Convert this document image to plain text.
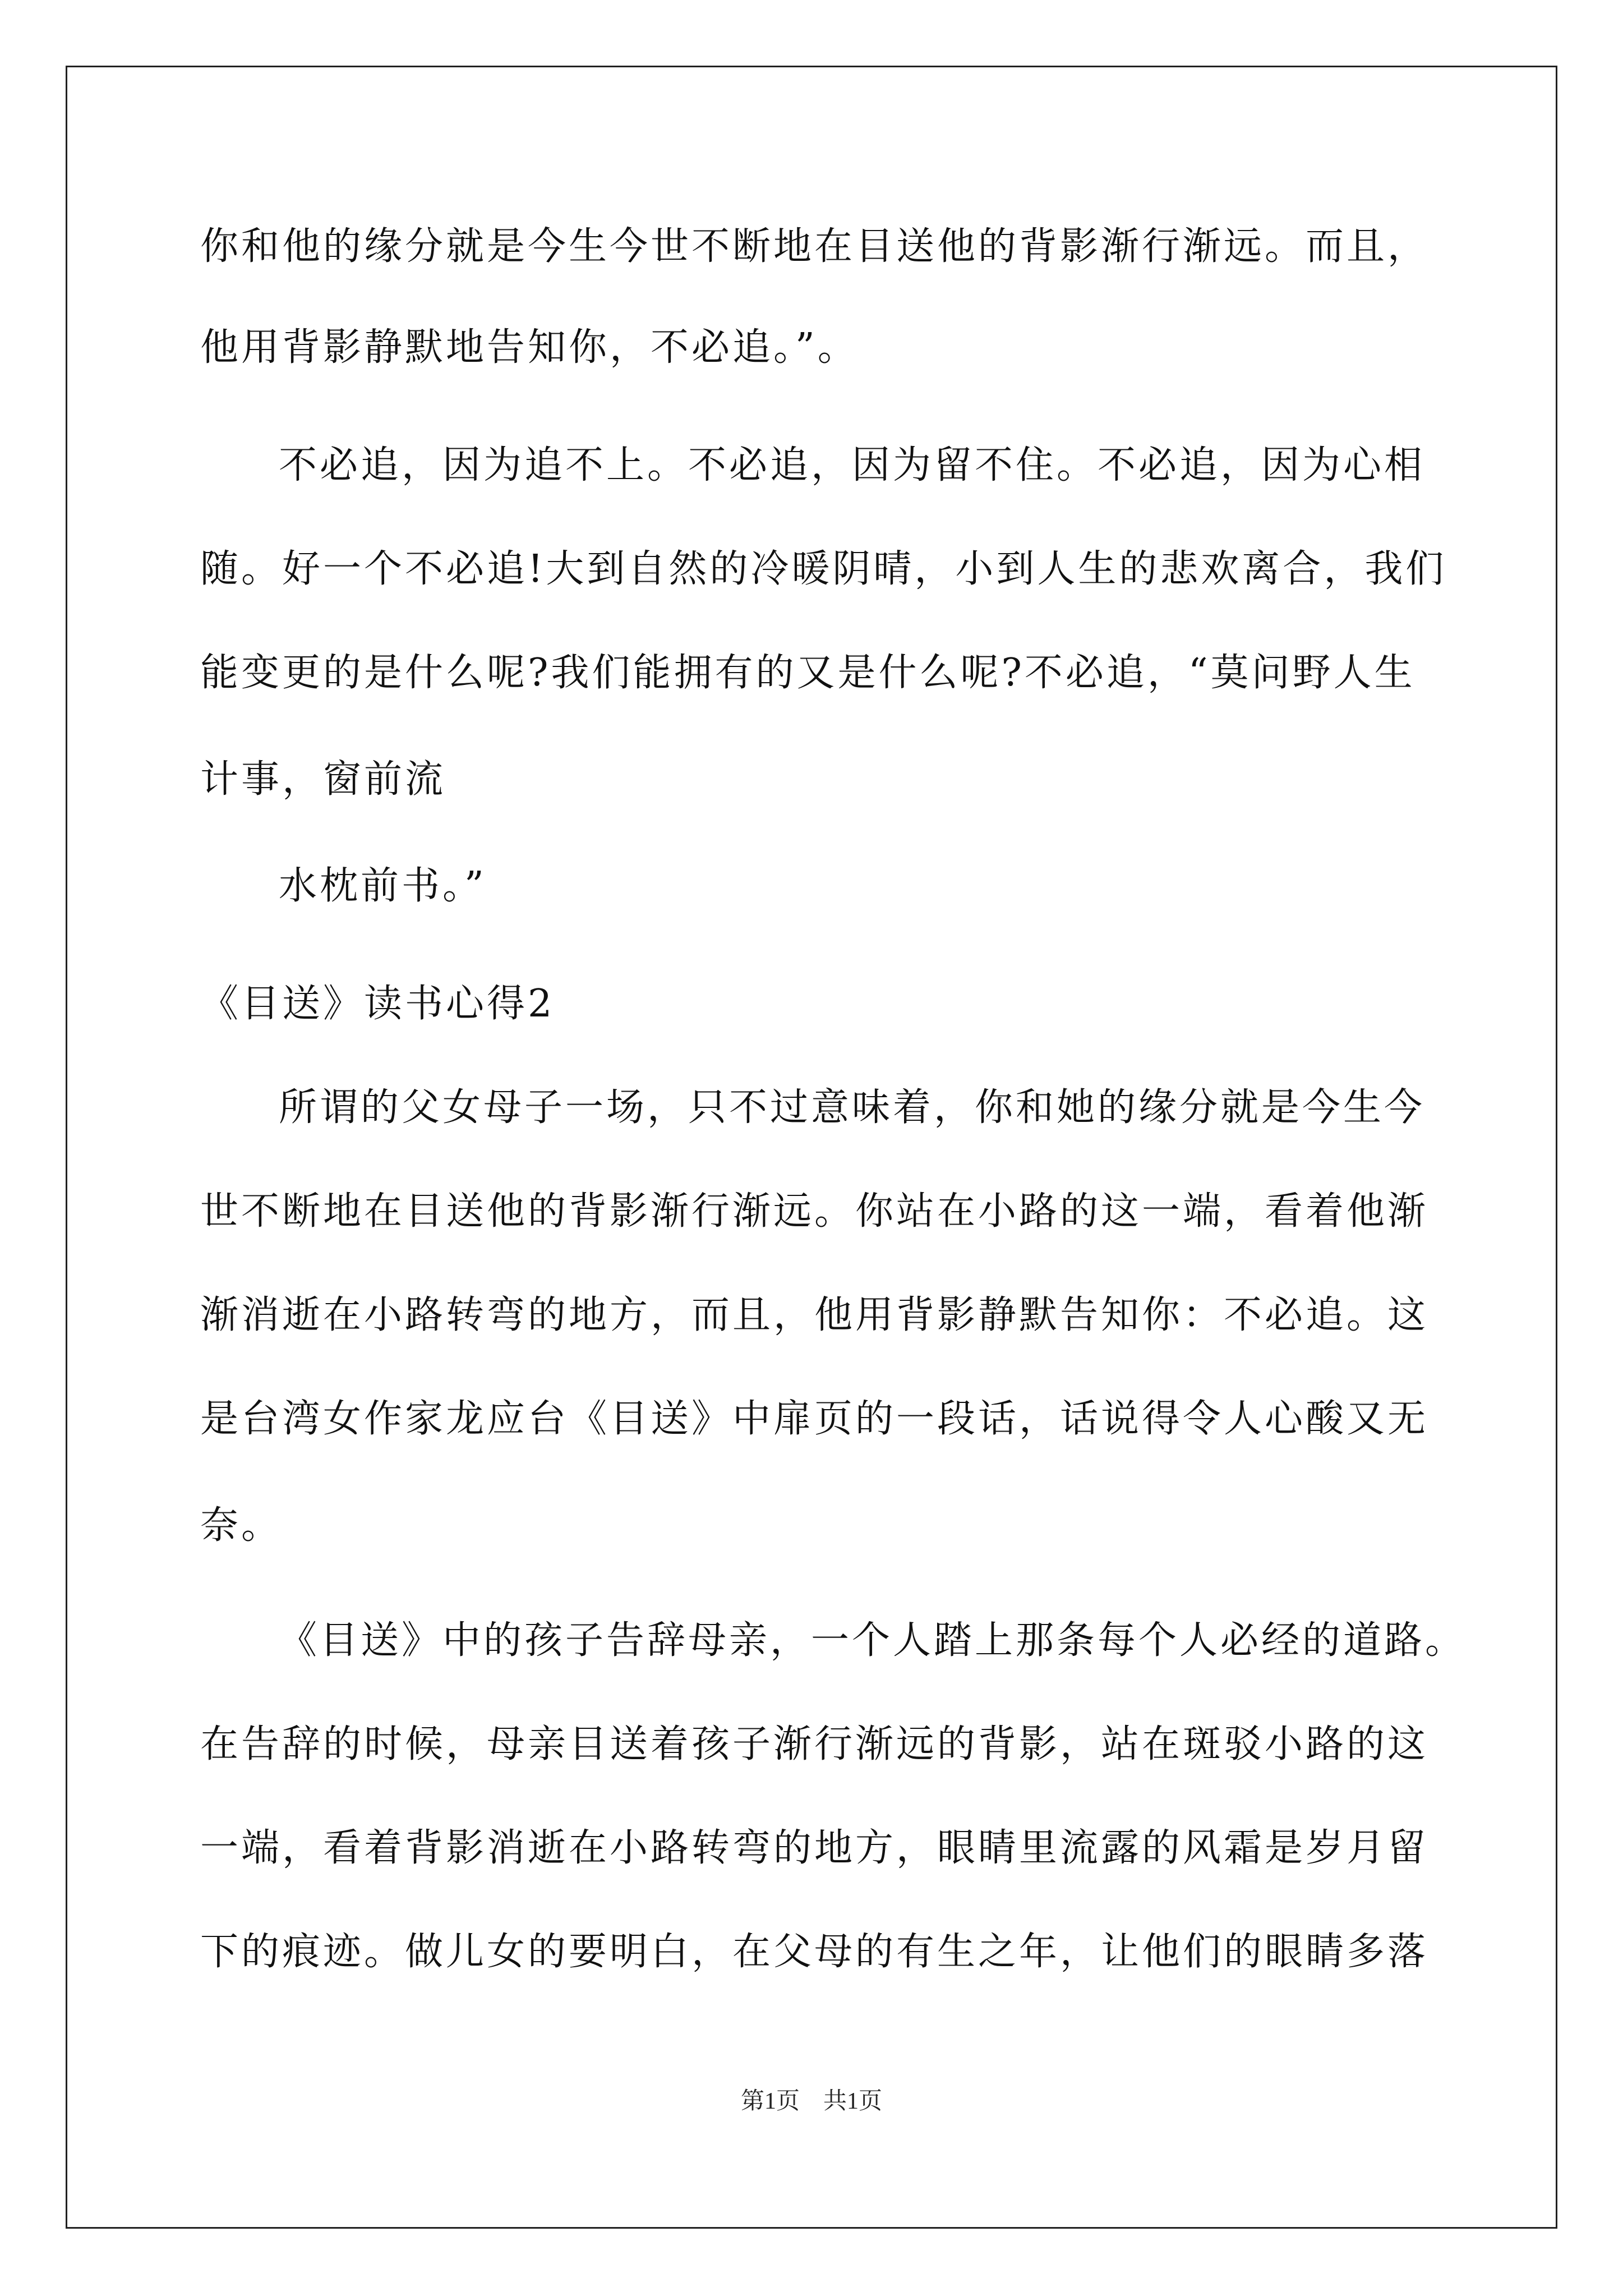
你和他的缘分就是今生今世不断地在目送他的背影渐行渐远。而且，
他用背影静默地告知你，不必追。”。
不必追，因为追不上。不必追，因为留不住。不必追，因为心相
随。好一个不必追!大到自然的冷暖阴晴，小到人生的悲欢离合，我们
能变更的是什么呢?我们能拥有的又是什么呢?不必追，“莫问野人生
计事，窗前流
水枕前书。”
《目送》读书心得2
所谓的父女母子一场，只不过意味着，你和她的缘分就是今生今
世不断地在目送他的背影渐行渐远。你站在小路的这一端，看着他渐
渐消逝在小路转弯的地方，而且，他用背影静默告知你：不必追。这
是台湾女作家龙应台《目送》中扉页的一段话，话说得令人心酸又无
奈。
《目送》中的孩子告辞母亲，一个人踏上那条每个人必经的道路。
在告辞的时候，母亲目送着孩子渐行渐远的背影，站在斑驳小路的这
一端，看着背影消逝在小路转弯的地方，眼睛里流露的风霜是岁月留
下的痕迹。做儿女的要明白，在父母的有生之年，让他们的眼睛多落
第1页　共1页
